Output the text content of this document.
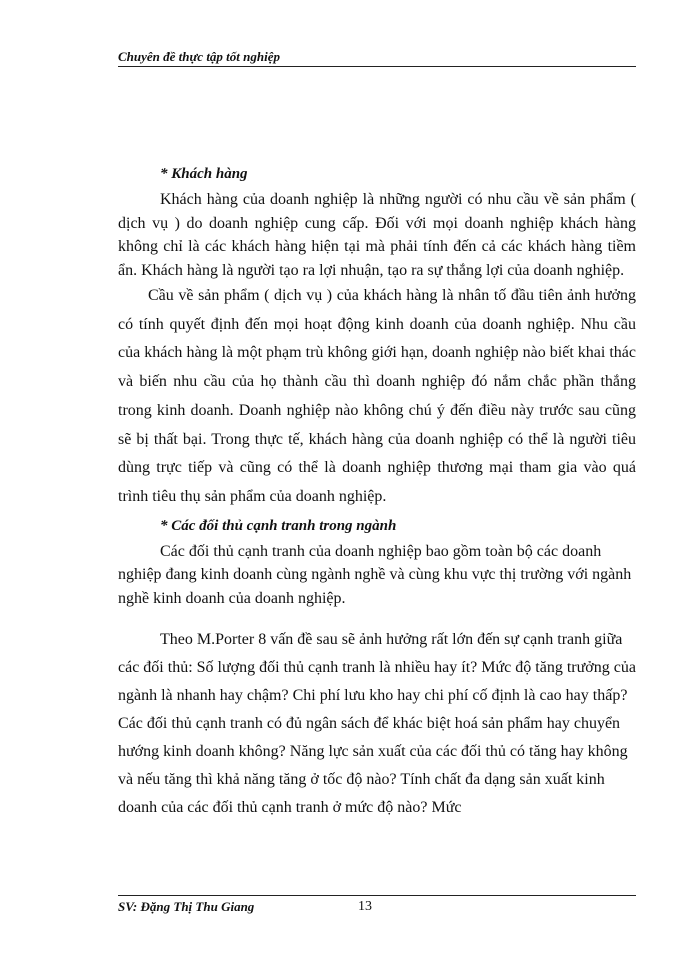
Chuyên đề thực tập tốt nghiệp
* Khách hàng

Khách hàng của doanh nghiệp là những người có nhu cầu về sản phẩm ( dịch vụ ) do doanh nghiệp cung cấp. Đối với mọi doanh nghiệp khách hàng không chỉ là các khách hàng hiện tại mà phải tính đến cả các khách hàng tiềm ẩn. Khách hàng là người tạo ra lợi nhuận, tạo ra sự thắng lợi của doanh nghiệp.

Cầu về sản phẩm ( dịch vụ ) của khách hàng là nhân tố đầu tiên ảnh hưởng có tính quyết định đến mọi hoạt động kinh doanh của doanh nghiệp. Nhu cầu của khách hàng là một phạm trù không giới hạn, doanh nghiệp nào biết khai thác và biến nhu cầu của họ thành cầu thì doanh nghiệp đó nắm chắc phần thắng trong kinh doanh. Doanh nghiệp nào không chú ý đến điều này trước sau cũng sẽ bị thất bại. Trong thực tế, khách hàng của doanh nghiệp có thể là người tiêu dùng trực tiếp và cũng có thể là doanh nghiệp thương mại tham gia vào quá trình tiêu thụ sản phẩm của doanh nghiệp.

* Các đối thủ cạnh tranh trong ngành

Các đối thủ cạnh tranh của doanh nghiệp bao gồm toàn bộ các doanh nghiệp đang kinh doanh cùng ngành nghề và cùng khu vực thị trường với ngành nghề kinh doanh của doanh nghiệp.

Theo M.Porter 8 vấn đề sau sẽ ảnh hưởng rất lớn đến sự cạnh tranh giữa các đối thủ: Số lượng đối thủ cạnh tranh là nhiều hay ít? Mức độ tăng trưởng của ngành là nhanh hay chậm? Chi phí lưu kho hay chi phí cố định là cao hay thấp? Các đối thủ cạnh tranh có đủ ngân sách để khác biệt hoá sản phẩm hay chuyển hướng kinh doanh không? Năng lực sản xuất của các đối thủ có tăng hay không và nếu tăng thì khả năng tăng ở tốc độ nào? Tính chất đa dạng sản xuất kinh doanh của các đối thủ cạnh tranh ở mức độ nào? Mức

SV: Đặng Thị Thu Giang	13
